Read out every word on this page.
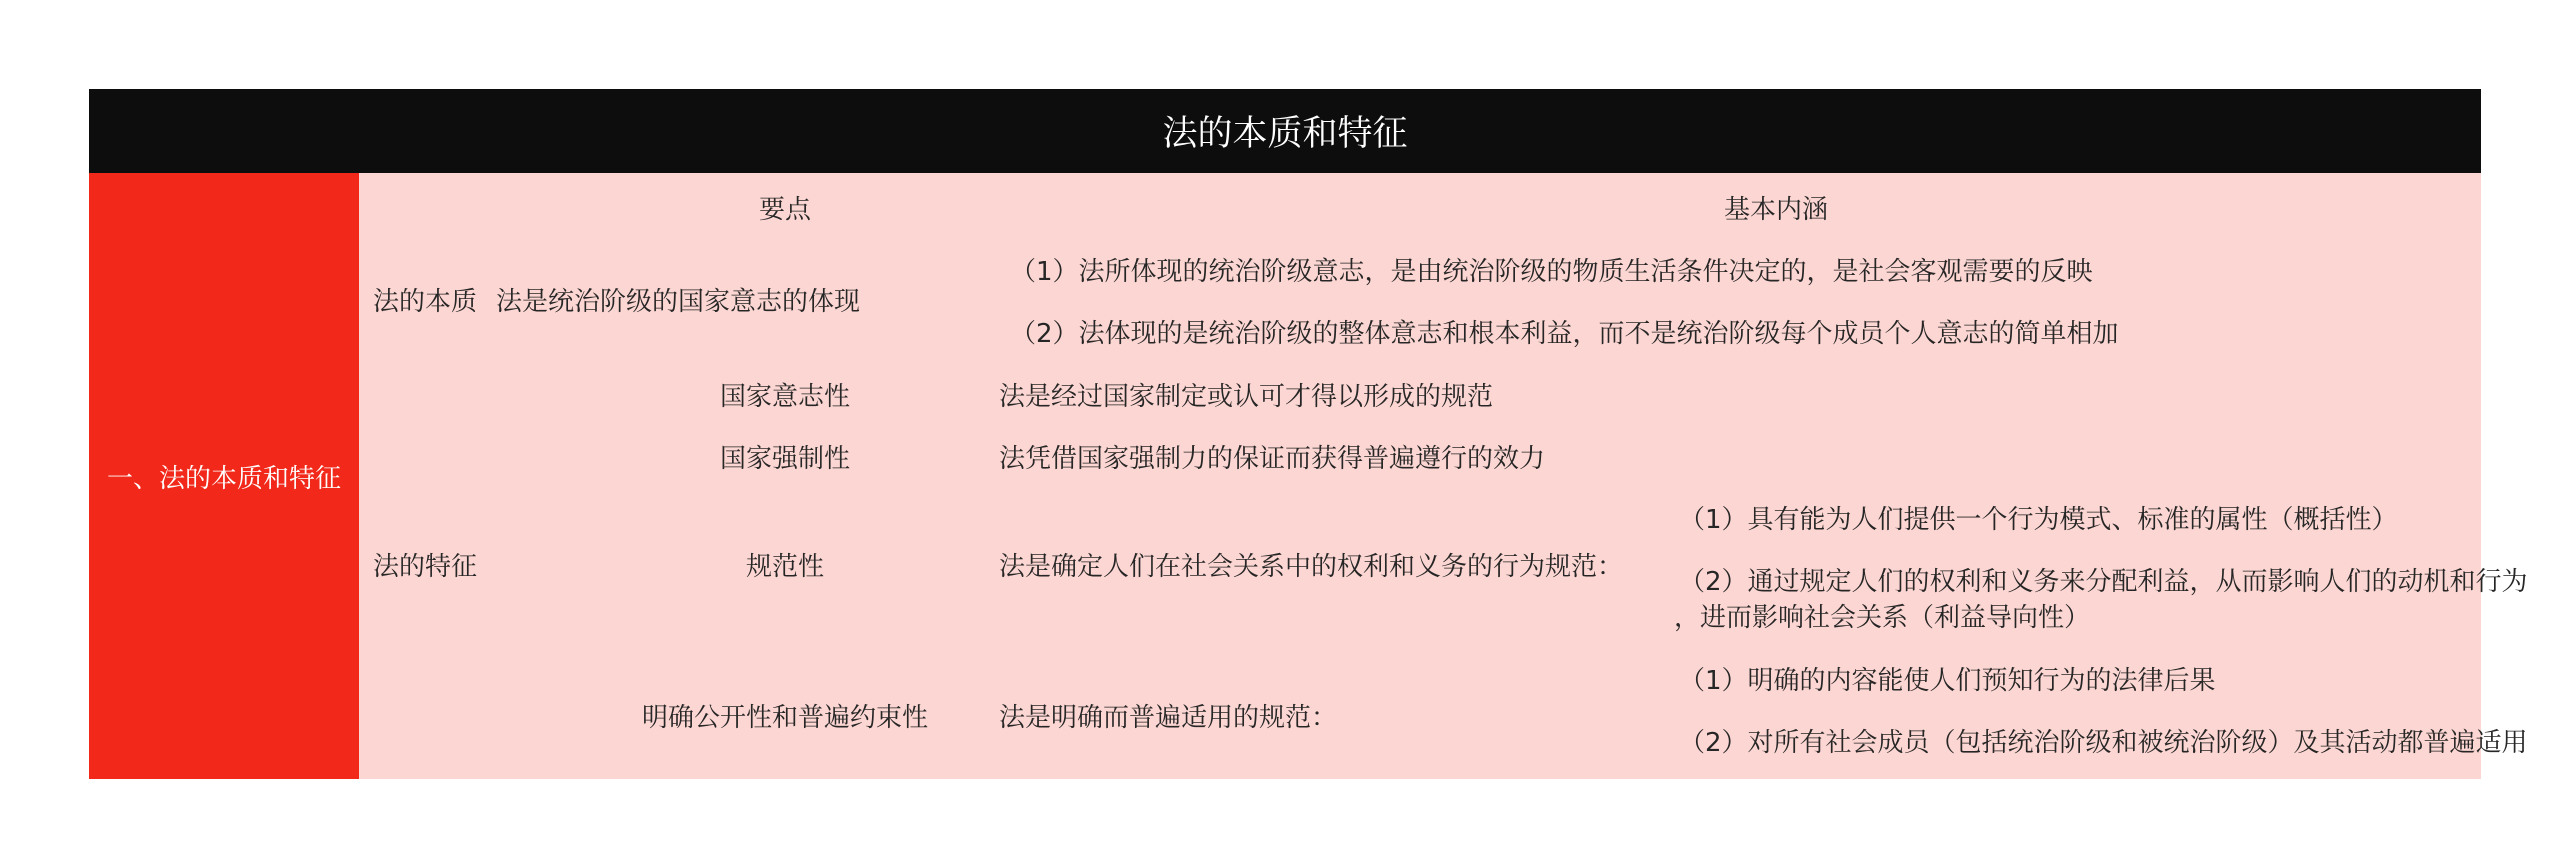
法的本质和特征
一、法的本质和特征
要点	基本内涵
法的本质 法是统治阶级的国家意志的体现
（1）法所体现的统治阶级意志，是由统治阶级的物质生活条件决定的，是社会客观需要的反映
（2）法体现的是统治阶级的整体意志和根本利益，而不是统治阶级每个成员个人意志的简单相加
法的特征
国家意志性	法是经过国家制定或认可才得以形成的规范
国家强制性	法凭借国家强制力的保证而获得普遍遵行的效力
规范性	法是确定人们在社会关系中的权利和义务的行为规范：
（1）具有能为人们提供一个行为模式、标准的属性（概括性）
（2）通过规定人们的权利和义务来分配利益，从而影响人们的动机和行为
，进而影响社会关系（利益导向性）
明确公开性和普遍约束性	法是明确而普遍适用的规范：
（1）明确的内容能使人们预知行为的法律后果
（2）对所有社会成员（包括统治阶级和被统治阶级）及其活动都普遍适用
